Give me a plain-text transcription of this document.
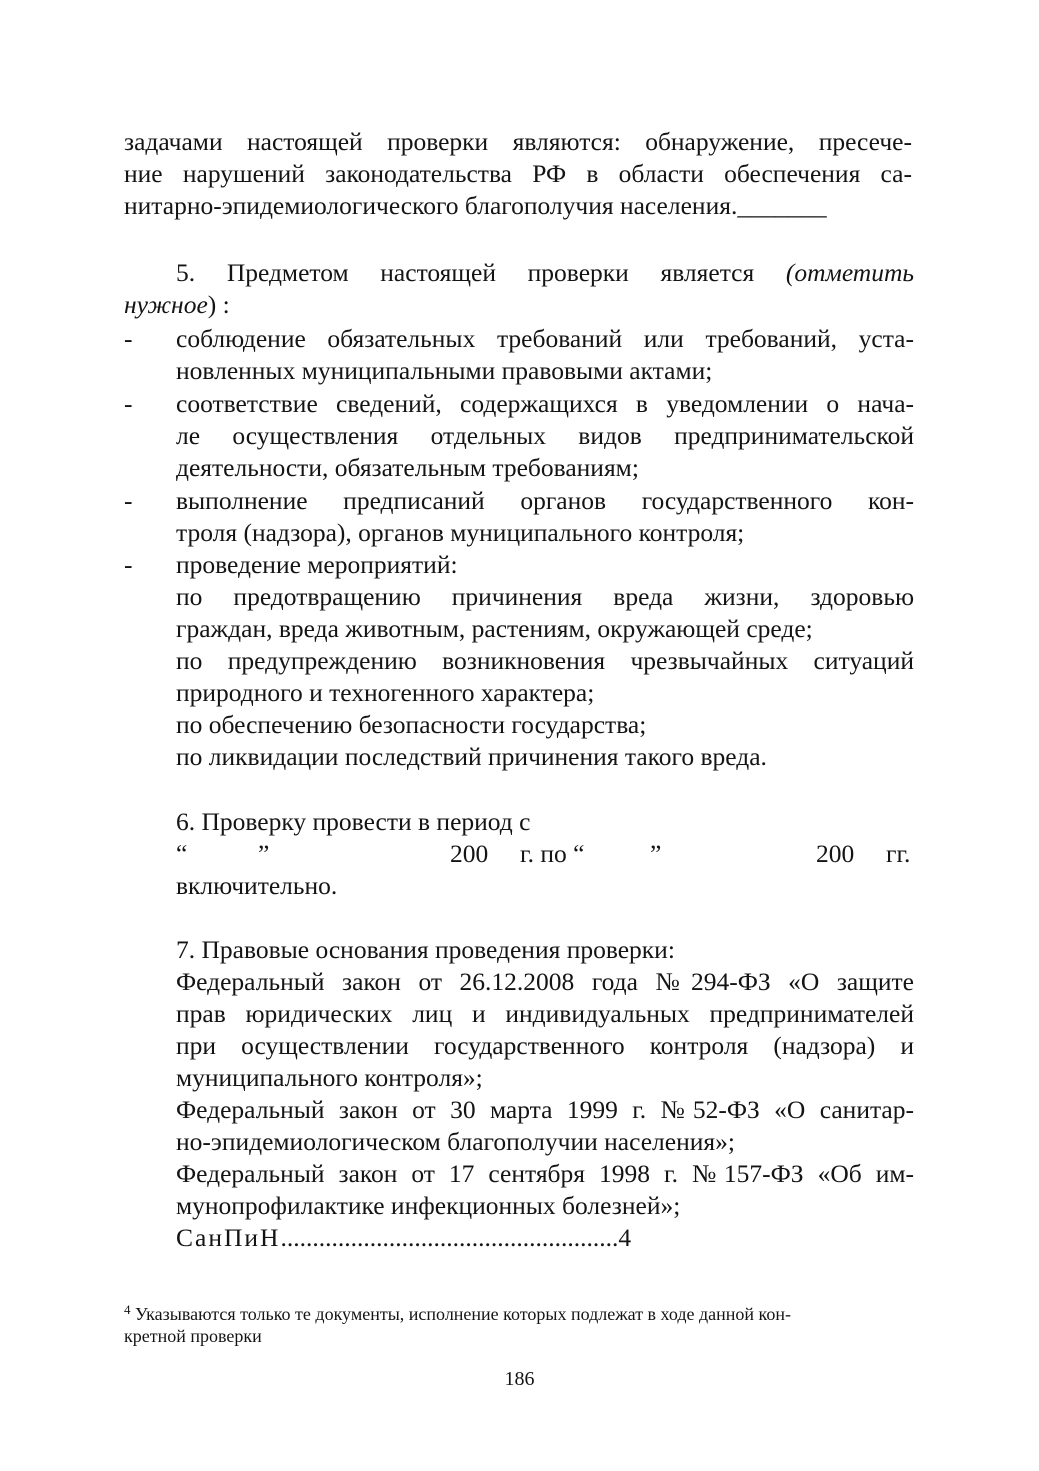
задачами настоящей проверки являются: обнаружение, пресече-

ние нарушений законодательства РФ в области обеспечения са-

нитарно-эпидемиологического благополучия населения._______

5. Предметом настоящей проверки является (отметить

нужное) :

- соблюдение обязательных требований или требований, уста-

новленных муниципальными правовыми актами;

- соответствие сведений, содержащихся в уведомлении о нача-

ле осуществления отдельных видов предпринимательской

деятельности, обязательным требованиям;

- выполнение предписаний органов государственного кон-

троля (надзора), органов муниципального контроля;

- проведение мероприятий:

по предотвращению причинения вреда жизни, здоровью

граждан, вреда животным, растениям, окружающей среде;

по предупреждению возникновения чрезвычайных ситуаций

природного и техногенного характера;

по обеспечению безопасности государства;

по ликвидации последствий причинения такого вреда.

6. Проверку провести в период с

“	”	200 г. по “	”	200 гг.

включительно.

7. Правовые основания проведения проверки:

Федеральный закон от 26.12.2008 года №294-ФЗ «О защите

прав юридических лиц и индивидуальных предпринимателей

при осуществлении государственного контроля (надзора) и

муниципального контроля»;

Федеральный закон от 30 марта 1999 г. №52-ФЗ «О санитар-

но-эпидемиологическом благополучии населения»;

Федеральный закон от 17 сентября 1998 г. №157-ФЗ «Об им-

мунопрофилактике инфекционных болезней»;

СанПиН.....................................................4

$^4$ Указываются только те документы, исполнение которых подлежат в ходе данной кон-
кретной проверки
186
